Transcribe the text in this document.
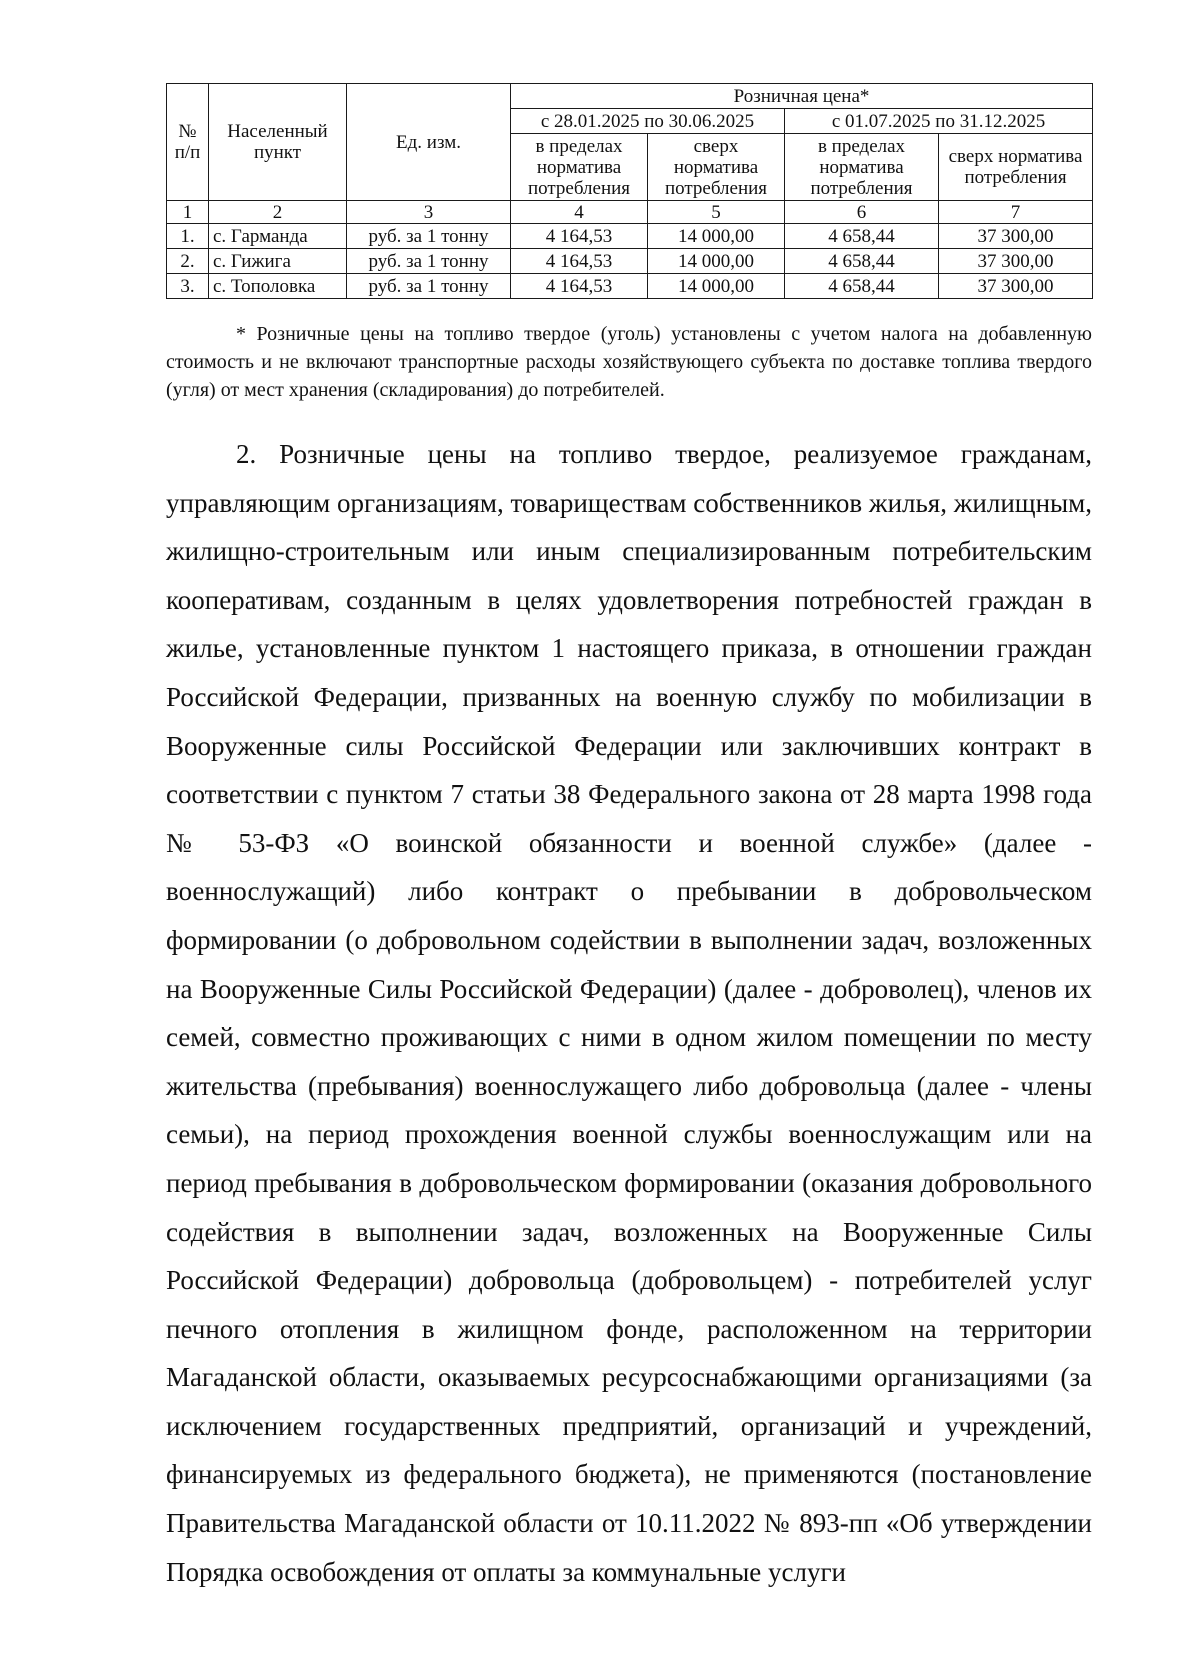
№ п/п	Населенный пункт	Ед. изм.	Розничная цена*			
			с 28.01.2025 по 30.06.2025		с 01.07.2025 по 31.12.2025	
			в пределах норматива потребления	сверх норматива потребления	в пределах норматива потребления	сверх норматива потребления
1	2	3	4	5	6	7
1.	с. Гарманда	руб. за 1 тонну	4 164,53	14 000,00	4 658,44	37 300,00
2.	с. Гижига	руб. за 1 тонну	4 164,53	14 000,00	4 658,44	37 300,00
3.	с. Тополовка	руб. за 1 тонну	4 164,53	14 000,00	4 658,44	37 300,00
* Розничные цены на топливо твердое (уголь) установлены с учетом налога на добавленную стоимость и не включают транспортные расходы хозяйствующего субъекта по доставке топлива твердого (угля) от мест хранения (складирования) до потребителей.
2. Розничные цены на топливо твердое, реализуемое гражданам, управляющим организациям, товариществам собственников жилья, жилищным, жилищно-строительным или иным специализированным потребительским кооперативам, созданным в целях удовлетворения потребностей граждан в жилье, установленные пунктом 1 настоящего приказа, в отношении граждан Российской Федерации, призванных на военную службу по мобилизации в Вооруженные силы Российской Федерации или заключивших контракт в соответствии с пунктом 7 статьи 38 Федерального закона от 28 марта 1998 года № 53-ФЗ «О воинской обязанности и военной службе» (далее - военнослужащий) либо контракт о пребывании в добровольческом формировании (о добровольном содействии в выполнении задач, возложенных на Вооруженные Силы Российской Федерации) (далее - доброволец), членов их семей, совместно проживающих с ними в одном жилом помещении по месту жительства (пребывания) военнослужащего либо добровольца (далее - члены семьи), на период прохождения военной службы военнослужащим или на период пребывания в добровольческом формировании (оказания добровольного содействия в выполнении задач, возложенных на Вооруженные Силы Российской Федерации) добровольца (добровольцем) - потребителей услуг печного отопления в жилищном фонде, расположенном на территории Магаданской области, оказываемых ресурсоснабжающими организациями (за исключением государственных предприятий, организаций и учреждений, финансируемых из федерального бюджета), не применяются (постановление Правительства Магаданской области от 10.11.2022 № 893-пп «Об утверждении Порядка освобождения от оплаты за коммунальные услуги
